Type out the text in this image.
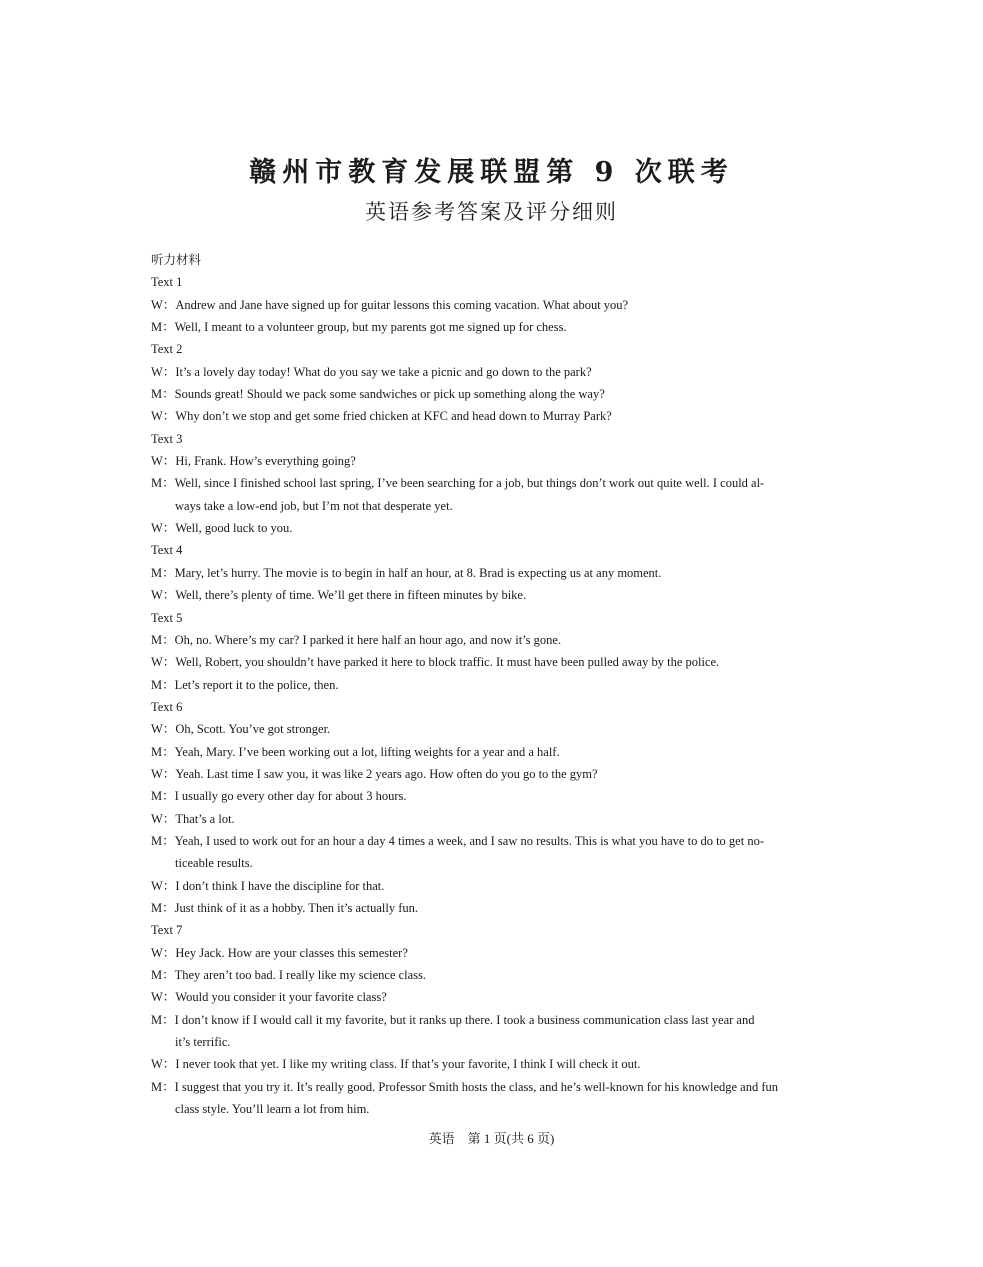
赣州市教育发展联盟第 9 次联考
英语参考答案及评分细则
听力材料
Text 1
W： Andrew and Jane have signed up for guitar lessons this coming vacation. What about you?
M： Well, I meant to a volunteer group, but my parents got me signed up for chess.
Text 2
W： It’s a lovely day today! What do you say we take a picnic and go down to the park?
M： Sounds great! Should we pack some sandwiches or pick up something along the way?
W： Why don’t we stop and get some fried chicken at KFC and head down to Murray Park?
Text 3
W： Hi, Frank. How’s everything going?
M：Well, since I finished school last spring, I’ve been searching for a job, but things don’t work out quite well. I could al-
ways take a low-end job, but I’m not that desperate yet.
W： Well, good luck to you.
Text 4
M： Mary, let’s hurry. The movie is to begin in half an hour, at 8. Brad is expecting us at any moment.
W： Well, there’s plenty of time. We’ll get there in fifteen minutes by bike.
Text 5
M： Oh, no. Where’s my car? I parked it here half an hour ago, and now it’s gone.
W： Well, Robert, you shouldn’t have parked it here to block traffic. It must have been pulled away by the police.
M： Let’s report it to the police, then.
Text 6
W： Oh, Scott. You’ve got stronger.
M： Yeah, Mary. I’ve been working out a lot, lifting weights for a year and a half.
W： Yeah. Last time I saw you, it was like 2 years ago. How often do you go to the gym?
M： I usually go every other day for about 3 hours.
W： That’s a lot.
M：Yeah, I used to work out for an hour a day 4 times a week, and I saw no results. This is what you have to do to get no-
ticeable results.
W： I don’t think I have the discipline for that.
M： Just think of it as a hobby. Then it’s actually fun.
Text 7
W： Hey Jack. How are your classes this semester?
M： They aren’t too bad. I really like my science class.
W： Would you consider it your favorite class?
M：I don’t know if I would call it my favorite, but it ranks up there. I took a business communication class last year and
it’s terrific.
W： I never took that yet. I like my writing class. If that’s your favorite, I think I will check it out.
M：I suggest that you try it. It’s really good. Professor Smith hosts the class, and he’s well-known for his knowledge and fun
class style. You’ll learn a lot from him.
英语　第 1 页(共 6 页)
